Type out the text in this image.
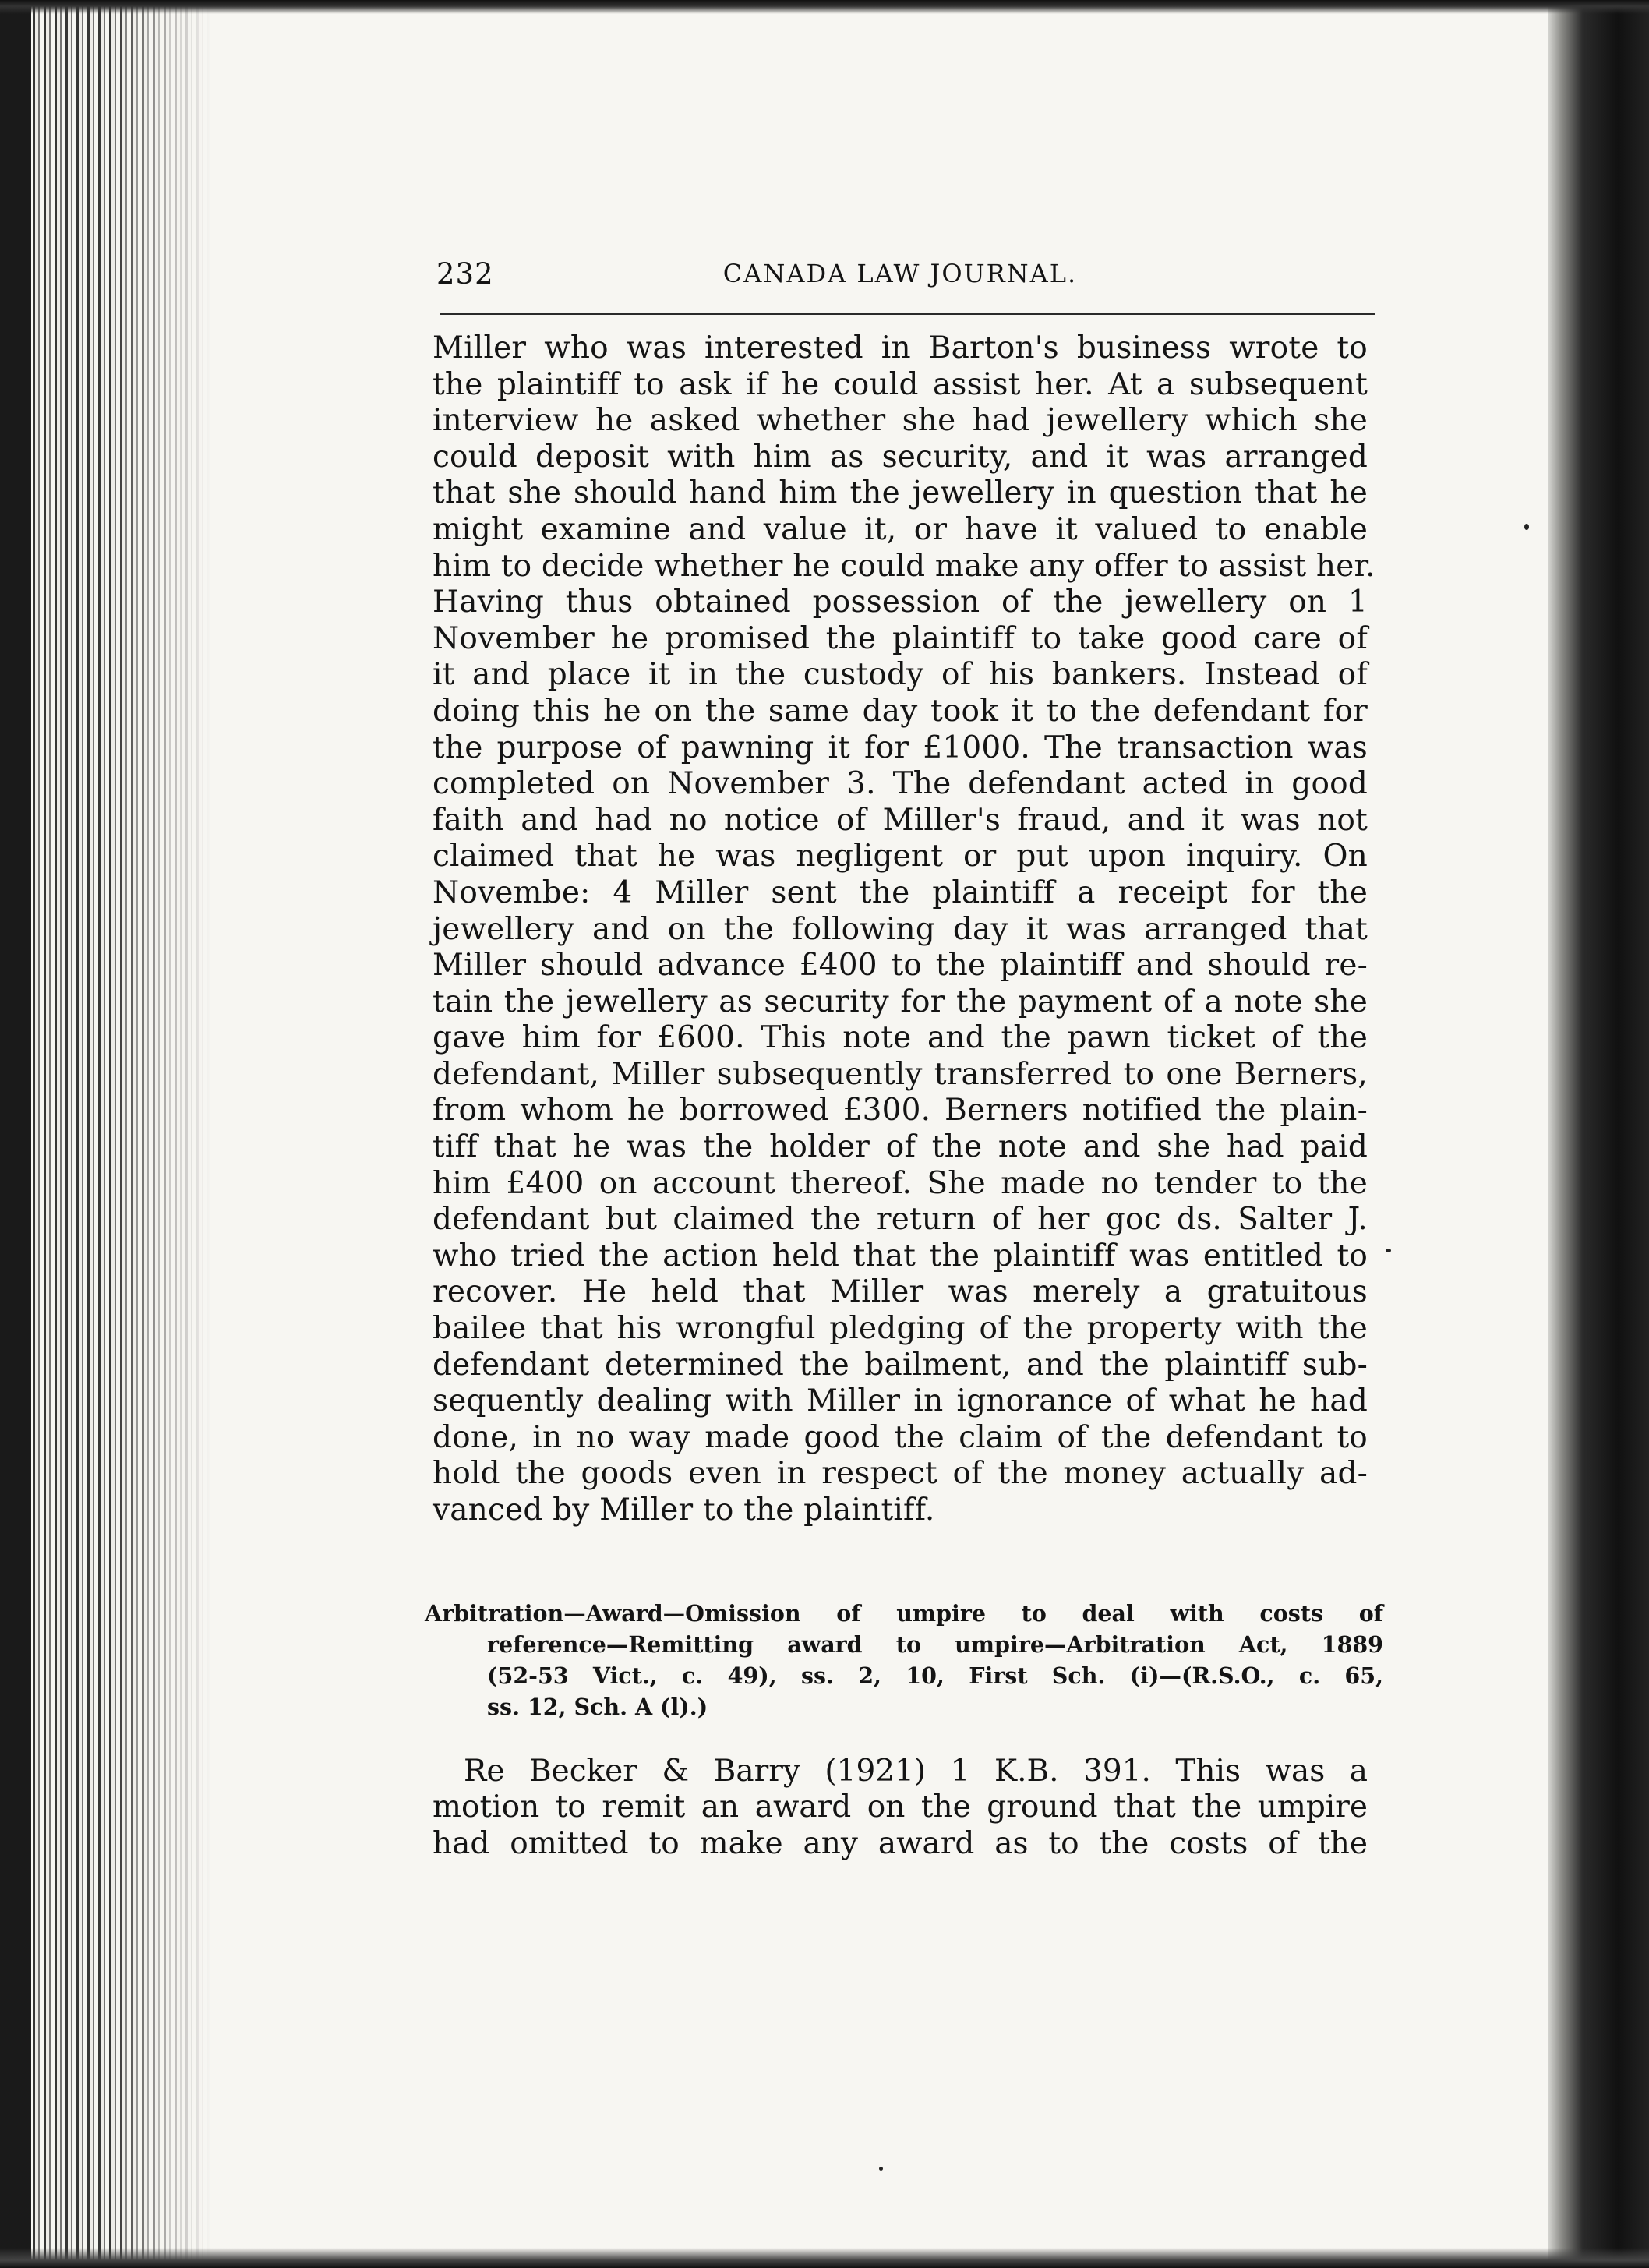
232	CANADA LAW JOURNAL.
Miller who was interested in Barton's business wrote to
the plaintiff to ask if he could assist her. At a subsequent
interview he asked whether she had jewellery which she
could deposit with him as security, and it was arranged
that she should hand him the jewellery in question that he
might examine and value it, or have it valued to enable
him to decide whether he could make any offer to assist her.
Having thus obtained possession of the jewellery on 1
November he promised the plaintiff to take good care of
it and place it in the custody of his bankers. Instead of
doing this he on the same day took it to the defendant for
the purpose of pawning it for £1000. The transaction was
completed on November 3. The defendant acted in good
faith and had no notice of Miller's fraud, and it was not
claimed that he was negligent or put upon inquiry. On
Novembe: 4 Miller sent the plaintiff a receipt for the
jewellery and on the following day it was arranged that
Miller should advance £400 to the plaintiff and should re-
tain the jewellery as security for the payment of a note she
gave him for £600. This note and the pawn ticket of the
defendant, Miller subsequently transferred to one Berners,
from whom he borrowed £300. Berners notified the plain-
tiff that he was the holder of the note and she had paid
him £400 on account thereof. She made no tender to the
defendant but claimed the return of her goc ds. Salter J.
who tried the action held that the plaintiff was entitled to
recover. He held that Miller was merely a gratuitous
bailee that his wrongful pledging of the property with the
defendant determined the bailment, and the plaintiff sub-
sequently dealing with Miller in ignorance of what he had
done, in no way made good the claim of the defendant to
hold the goods even in respect of the money actually ad-
vanced by Miller to the plaintiff.
Arbitration—Award—Omission of umpire to deal with costs of
reference—Remitting award to umpire—Arbitration Act, 1889
(52-53 Vict., c. 49), ss. 2, 10, First Sch. (i)—(R.S.O., c. 65,
ss. 12, Sch. A (l).)
Re Becker & Barry (1921) 1 K.B. 391. This was a
motion to remit an award on the ground that the umpire
had omitted to make any award as to the costs of the
